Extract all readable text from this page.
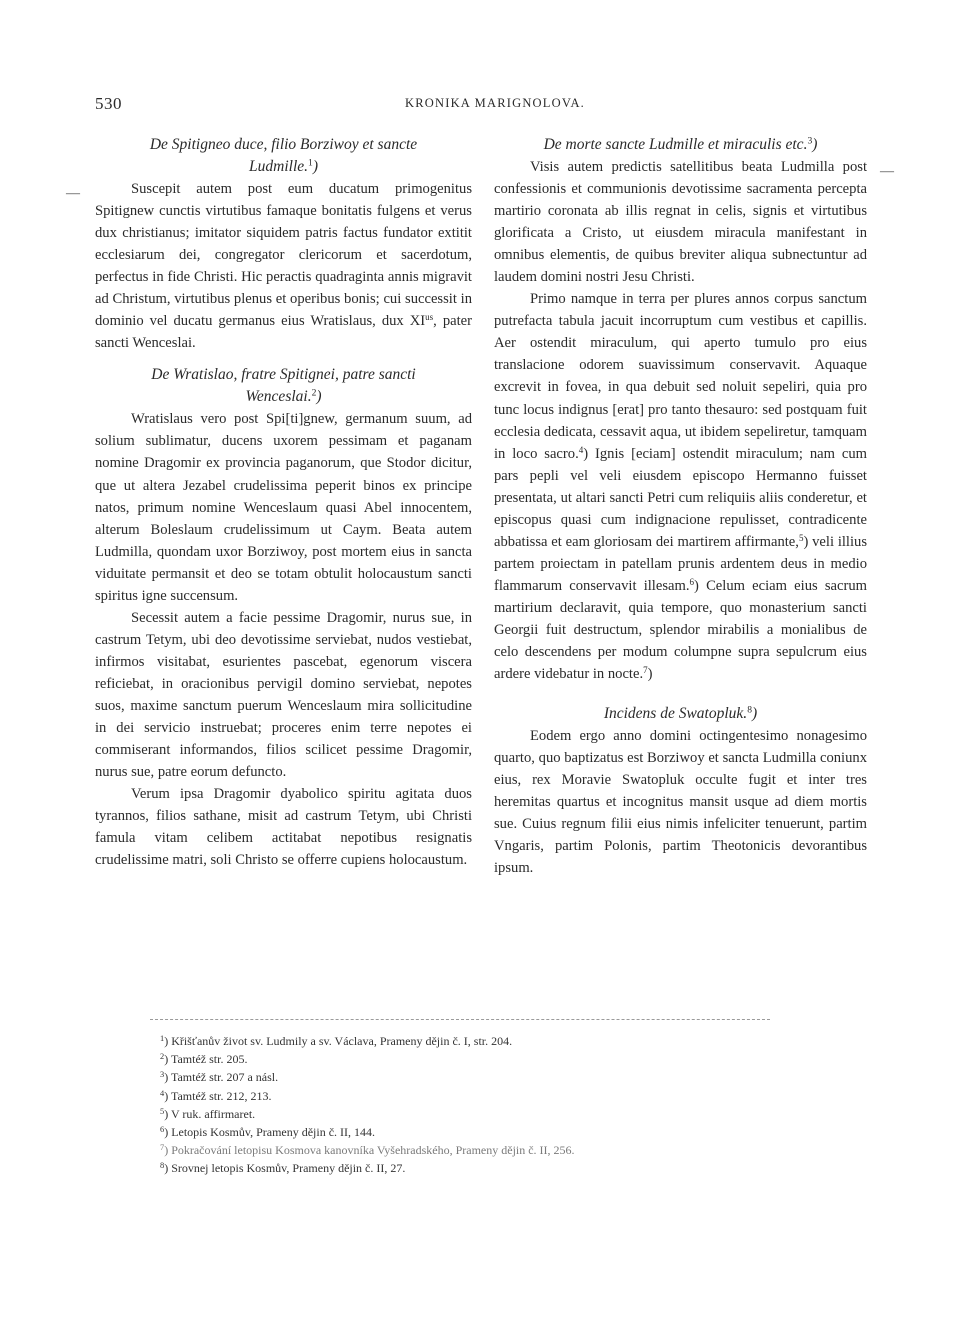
530	KRONIKA MARIGNOLOVA.
—
—
De Spitigneo duce, filio Borziwoy et sancte
Ludmille.$^1$)

Suscepit autem post eum ducatum primogenitus Spitignew cunctis virtutibus famaque bonitatis fulgens et verus dux christianus; imitator siquidem patris factus fundator extitit ecclesiarum dei, congregator clericorum et sacerdotum, perfectus in fide Christi. Hic peractis quadraginta annis migravit ad Christum, virtutibus plenus et operibus bonis; cui successit in dominio vel ducatu germanus eius Wratislaus, dux $XI^{us}$, pater sancti Wenceslai.

De Wratislao, fratre Spitignei, patre sancti
Wenceslai.$^2$)

Wratislaus vero post Spi[ti]gnew, germanum suum, ad solium sublimatur, ducens uxorem pessimam et paganam nomine Dragomir ex provincia paganorum, que Stodor dicitur, que ut altera Jezabel crudelissima peperit binos ex principe natos, primum nomine Wenceslaum quasi Abel innocentem, alterum Boleslaum crudelissimum ut Caym. Beata autem Ludmilla, quondam uxor Borziwoy, post mortem eius in sancta viduitate permansit et deo se totam obtulit holocaustum sancti spiritus igne succensum.

Secessit autem a facie pessime Dragomir, nurus sue, in castrum Tetym, ubi deo devotissime serviebat, nudos vestiebat, infirmos visitabat, esurientes pascebat, egenorum viscera reficiebat, in oracionibus pervigil domino serviebat, nepotes suos, maxime sanctum puerum Wenceslaum mira sollicitudine in dei servicio instruebat; proceres enim terre nepotes ei commiserant informandos, filios scilicet pessime Dragomir, nurus sue, patre eorum defuncto.

Verum ipsa Dragomir dyabolico spiritu agitata duos tyrannos, filios sathane, misit ad castrum Tetym, ubi Christi famula vitam celibem actitabat nepotibus resignatis crudelissime matri, soli Christo se offerre cupiens holocaustum.

De morte sancte Ludmille et miraculis etc.$^3$)

Visis autem predictis satellitibus beata Ludmilla post confessionis et communionis devotissime sacramenta percepta martirio coronata ab illis regnat in celis, signis et virtutibus glorificata a Cristo, ut eiusdem miracula manifestant in omnibus elementis, de quibus breviter aliqua subnectuntur ad laudem domini nostri Jesu Christi.

Primo namque in terra per plures annos corpus sanctum putrefacta tabula jacuit incorruptum cum vestibus et capillis. Aer ostendit miraculum, qui aperto tumulo pro eius translacione odorem suavissimum conservavit. Aquaque excrevit in fovea, in qua debuit sed noluit sepeliri, quia pro tunc locus indignus [erat] pro tanto thesauro: sed postquam fuit ecclesia dedicata, cessavit aqua, ut ibidem sepeliretur, tamquam in loco sacro.$^4$) Ignis [eciam] ostendit miraculum; nam cum pars pepli vel veli eiusdem episcopo Hermanno fuisset presentata, ut altari sancti Petri cum reliquiis aliis conderetur, et episcopus quasi cum indignacione repulisset, contradicente abbatissa et eam gloriosam dei martirem affirmante,$^5$) veli illius partem proiectam in patellam prunis ardentem deus in medio flammarum conservavit illesam.$^6$) Celum eciam eius sacrum martirium declaravit, quia tempore, quo monasterium sancti Georgii fuit destructum, splendor mirabilis a monialibus de celo descendens per modum columpne supra sepulcrum eius ardere videbatur in nocte.$^7$)

Incidens de Swatopluk.$^8$)

Eodem ergo anno domini octingentesimo nonagesimo quarto, quo baptizatus est Borziwoy et sancta Ludmilla coniunx eius, rex Moravie Swatopluk occulte fugit et inter tres heremitas quartus et incognitus mansit usque ad diem mortis sue. Cuius regnum filii eius nimis infeliciter tenuerunt, partim Vngaris, partim Polonis, partim Theotonicis devorantibus ipsum.

$^1$) Křišťanův život sv. Ludmily a sv. Václava, Prameny dějin č. I, str. 204.
$^2$) Tamtéž str. 205.
$^3$) Tamtéž str. 207 a násl.
$^4$) Tamtéž str. 212, 213.
$^5$) V ruk. affirmaret.
$^6$) Letopis Kosmův, Prameny dějin č. II, 144.
$^7$) Pokračování letopisu Kosmova kanovníka Vyšehradského, Prameny dějin č. II, 256.
$^8$) Srovnej letopis Kosmův, Prameny dějin č. II, 27.
